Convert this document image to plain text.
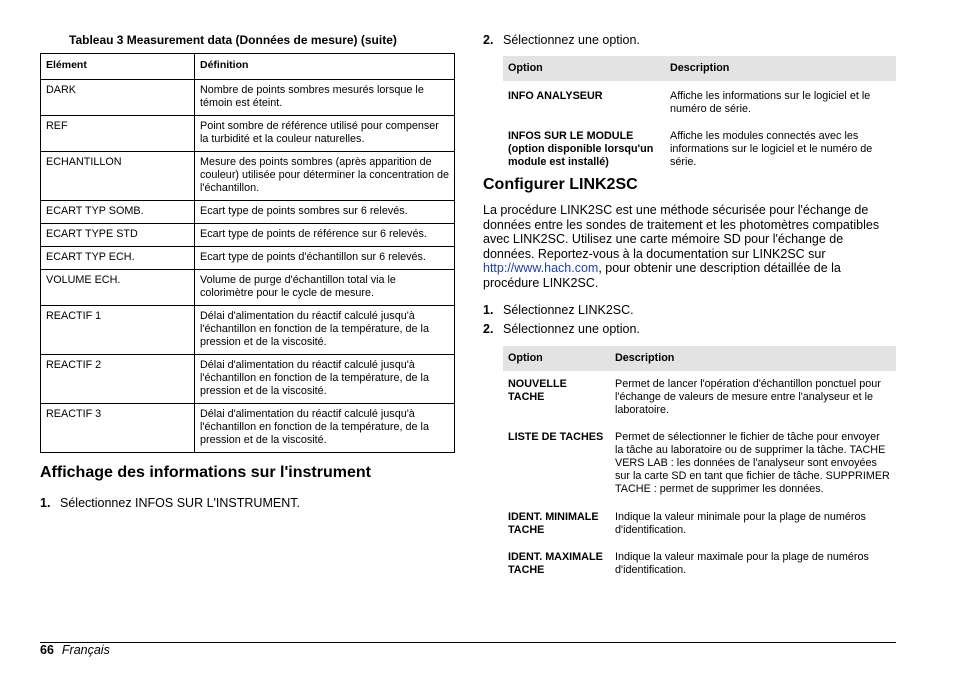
Tableau 3 Measurement data (Données de mesure) (suite)
Elément	Définition
DARK	Nombre de points sombres mesurés lorsque le témoin est éteint.
REF	Point sombre de référence utilisé pour compenser la turbidité et la couleur naturelles.
ECHANTILLON	Mesure des points sombres (après apparition de couleur) utilisée pour déterminer la concentration de l'échantillon.
ECART TYP SOMB.	Ecart type de points sombres sur 6 relevés.
ECART TYPE STD	Ecart type de points de référence sur 6 relevés.
ECART TYP ECH.	Ecart type de points d'échantillon sur 6 relevés.
VOLUME ECH.	Volume de purge d'échantillon total via le colorimètre pour le cycle de mesure.
REACTIF 1	Délai d'alimentation du réactif calculé jusqu'à l'échantillon en fonction de la température, de la pression et de la viscosité.
REACTIF 2	Délai d'alimentation du réactif calculé jusqu'à l'échantillon en fonction de la température, de la pression et de la viscosité.
REACTIF 3	Délai d'alimentation du réactif calculé jusqu'à l'échantillon en fonction de la température, de la pression et de la viscosité.
Affichage des informations sur l'instrument
1. Sélectionnez INFOS SUR L'INSTRUMENT.
2. Sélectionnez une option.
Option	Description
INFO ANALYSEUR	Affiche les informations sur le logiciel et le numéro de série.
INFOS SUR LE MODULE (option disponible lorsqu'un module est installé)	Affiche les modules connectés avec les informations sur le logiciel et le numéro de série.
Configurer LINK2SC
La procédure LINK2SC est une méthode sécurisée pour l'échange de données entre les sondes de traitement et les photomètres compatibles avec LINK2SC. Utilisez une carte mémoire SD pour l'échange de données. Reportez-vous à la documentation sur LINK2SC sur http://www.hach.com, pour obtenir une description détaillée de la procédure LINK2SC.
1. Sélectionnez LINK2SC.
2. Sélectionnez une option.
Option	Description
NOUVELLE TACHE	Permet de lancer l'opération d'échantillon ponctuel pour l'échange de valeurs de mesure entre l'analyseur et le laboratoire.
LISTE DE TACHES	Permet de sélectionner le fichier de tâche pour envoyer la tâche au laboratoire ou de supprimer la tâche. TACHE VERS LAB : les données de l'analyseur sont envoyées sur la carte SD en tant que fichier de tâche. SUPPRIMER TACHE : permet de supprimer les données.
IDENT. MINIMALE TACHE	Indique la valeur minimale pour la plage de numéros d'identification.
IDENT. MAXIMALE TACHE	Indique la valeur maximale pour la plage de numéros d'identification.
66 Français
